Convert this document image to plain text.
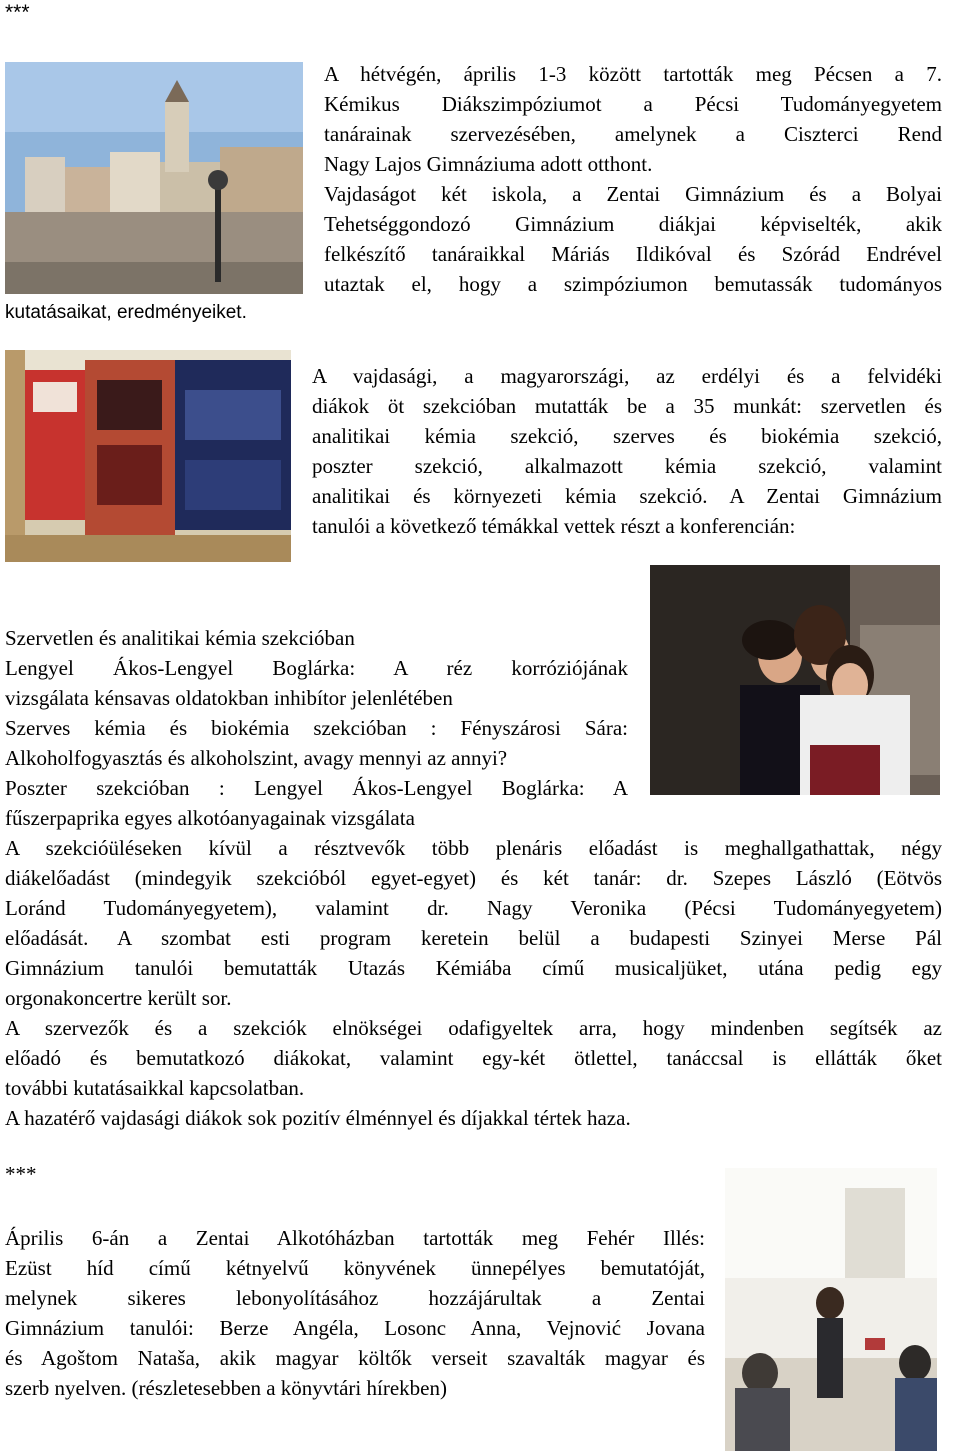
***
A hétvégén, április 1-3 között tartották meg Pécsen a 7.
Kémikus Diákszimpóziumot a Pécsi Tudományegyetem
tanárainak szervezésében, amelynek a Ciszterci Rend
Nagy Lajos Gimnáziuma adott otthont.
Vajdaságot két iskola, a Zentai Gimnázium és a Bolyai
Tehetséggondozó Gimnázium diákjai képviselték, akik
felkészítő tanáraikkal Máriás Ildikóval és Szórád Endrével
utaztak el, hogy a szimpóziumon bemutassák tudományos
kutatásaikat, eredményeiket.
A vajdasági, a magyarországi, az erdélyi és a felvidéki
diákok öt szekcióban mutatták be a 35 munkát: szervetlen és
analitikai kémia szekció, szerves és biokémia szekció,
poszter szekció, alkalmazott kémia szekció, valamint
analitikai és környezeti kémia szekció. A Zentai Gimnázium
tanulói a következő témákkal vettek részt a konferencián:
Szervetlen és analitikai kémia szekcióban
Lengyel Ákos-Lengyel Boglárka: A réz korróziójának
vizsgálata kénsavas oldatokban inhibítor jelenlétében
Szerves kémia és biokémia szekcióban : Fényszárosi Sára:
Alkoholfogyasztás és alkoholszint, avagy mennyi az annyi?
Poszter szekcióban : Lengyel Ákos-Lengyel Boglárka: A
fűszerpaprika egyes alkotóanyagainak vizsgálata
A szekcióüléseken kívül a résztvevők több plenáris előadást is meghallgathattak, négy
diákelőadást (mindegyik szekcióból egyet-egyet) és két tanár: dr. Szepes László (Eötvös
Loránd Tudományegyetem), valamint dr. Nagy Veronika (Pécsi Tudományegyetem)
előadását. A szombat esti program keretein belül a budapesti Szinyei Merse Pál
Gimnázium tanulói bemutatták Utazás Kémiába című musicaljüket, utána pedig egy
orgonakoncertre került sor.
A szervezők és a szekciók elnökségei odafigyeltek arra, hogy mindenben segítsék az
előadó és bemutatkozó diákokat, valamint egy-két ötlettel, tanáccsal is ellátták őket
további kutatásaikkal kapcsolatban.
A hazatérő vajdasági diákok sok pozitív élménnyel és díjakkal tértek haza.
***
Április 6-án a Zentai Alkotóházban tartották meg Fehér Illés:
Ezüst híd című kétnyelvű könyvének ünnepélyes bemutatóját,
melynek sikeres lebonyolításához hozzájárultak a Zentai
Gimnázium tanulói: Berze Angéla, Losonc Anna, Vejnović Jovana
és Agoštom Nataša, akik magyar költők verseit szavalták magyar és
szerb nyelven. (részletesebben a könyvtári hírekben)
